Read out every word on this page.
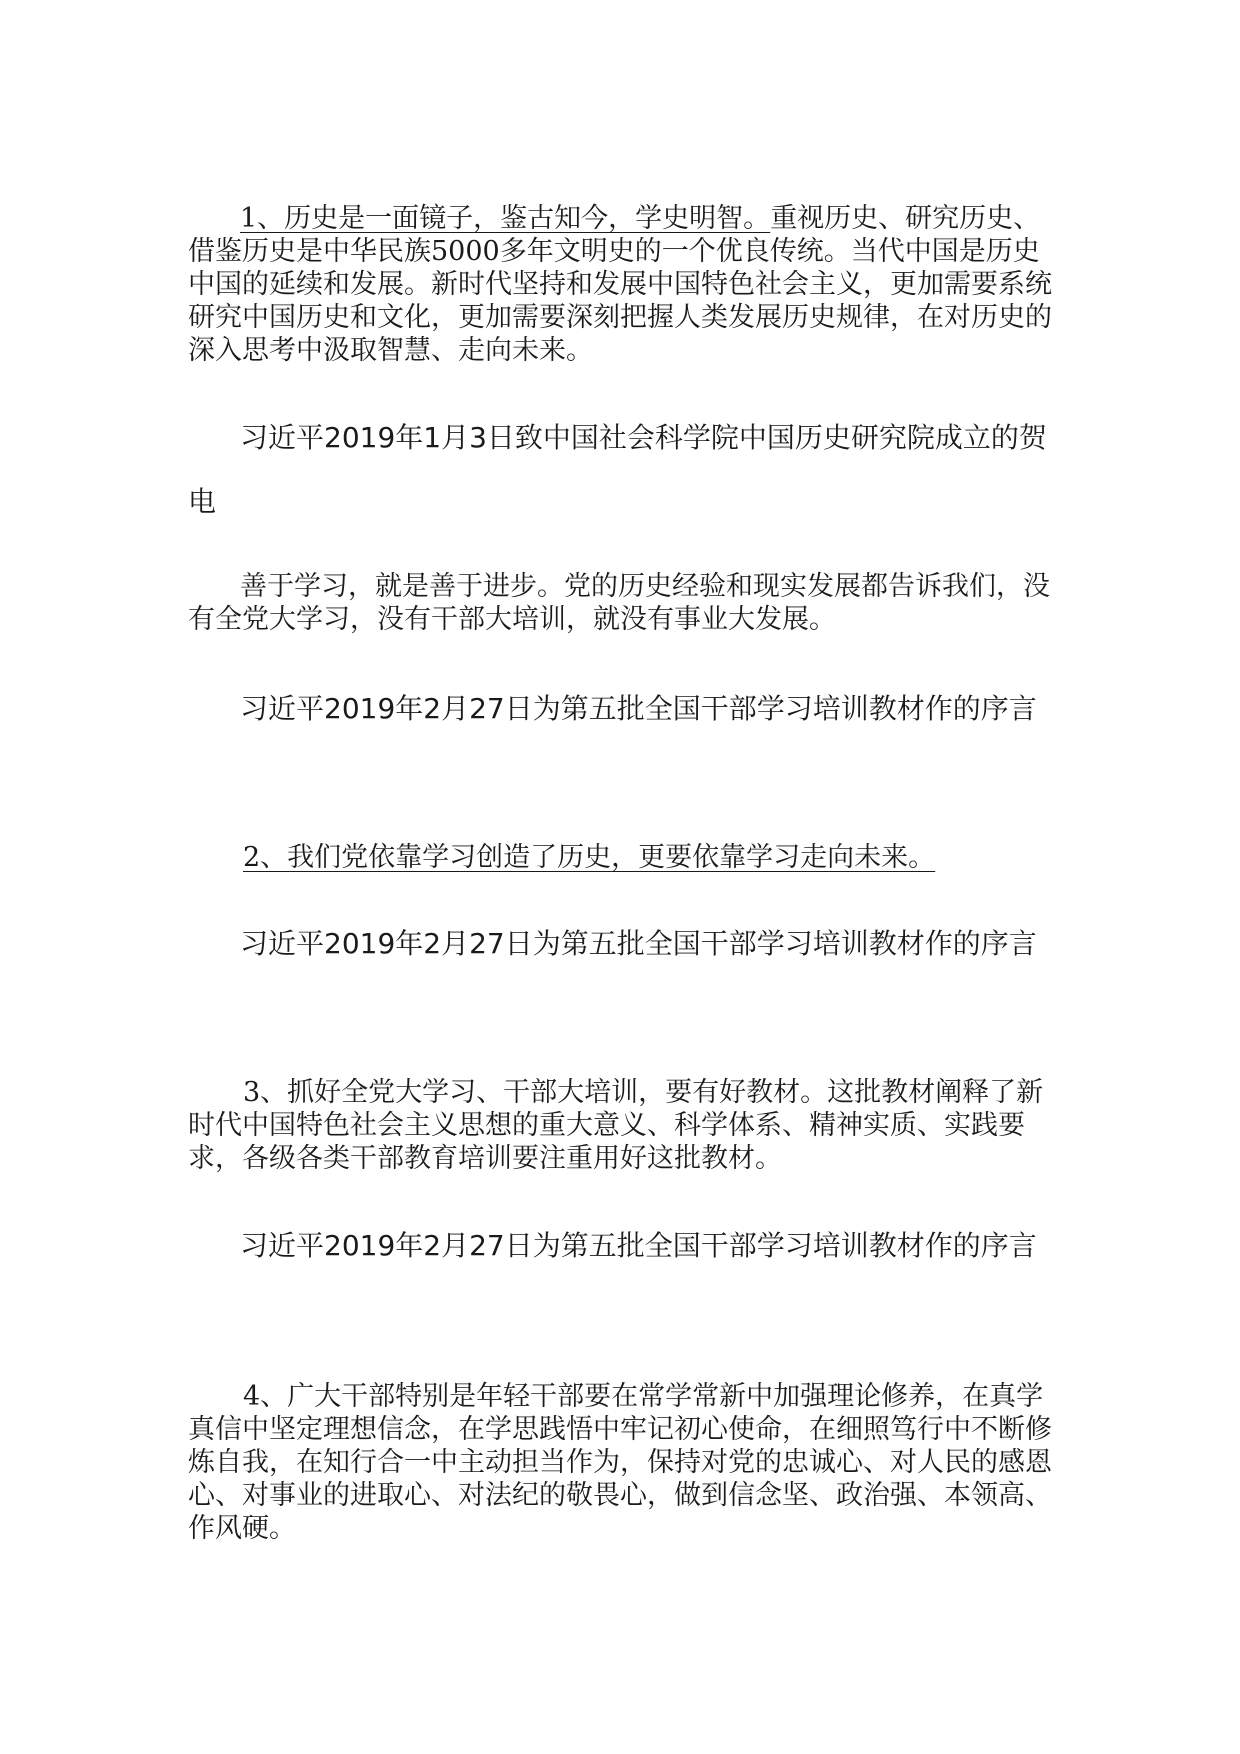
1、历史是一面镜子，鉴古知今，学史明智。重视历史、研究历史、借鉴历史是中华民族5000多年文明史的一个优良传统。当代中国是历史中国的延续和发展。新时代坚持和发展中国特色社会主义，更加需要系统研究中国历史和文化，更加需要深刻把握人类发展历史规律，在对历史的深入思考中汲取智慧、走向未来。

习近平2019年1月3日致中国社会科学院中国历史研究院成立的贺电

善于学习，就是善于进步。党的历史经验和现实发展都告诉我们，没有全党大学习，没有干部大培训，就没有事业大发展。

习近平2019年2月27日为第五批全国干部学习培训教材作的序言

2、我们党依靠学习创造了历史，更要依靠学习走向未来。

习近平2019年2月27日为第五批全国干部学习培训教材作的序言

3、抓好全党大学习、干部大培训，要有好教材。这批教材阐释了新时代中国特色社会主义思想的重大意义、科学体系、精神实质、实践要求，各级各类干部教育培训要注重用好这批教材。

习近平2019年2月27日为第五批全国干部学习培训教材作的序言

4、广大干部特别是年轻干部要在常学常新中加强理论修养，在真学真信中坚定理想信念，在学思践悟中牢记初心使命，在细照笃行中不断修炼自我，在知行合一中主动担当作为，保持对党的忠诚心、对人民的感恩心、对事业的进取心、对法纪的敬畏心，做到信念坚、政治强、本领高、作风硬。
